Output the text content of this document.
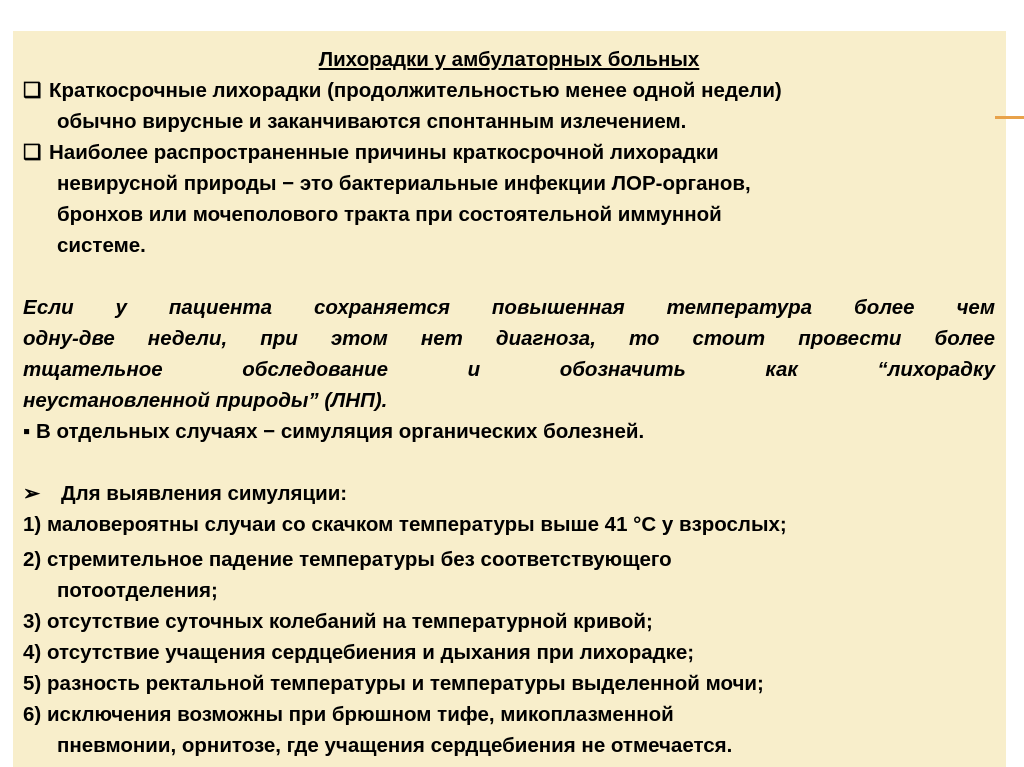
Лихорадки у амбулаторных больных
❑ Краткосрочные лихорадки (продолжительностью менее одной недели)
обычно вирусные и заканчиваются спонтанным излечением.
❑ Наиболее распространенные причины краткосрочной лихорадки
невирусной природы − это бактериальные инфекции ЛОР-органов,
бронхов или мочеполового тракта при состоятельной иммунной
системе.
Если у пациента сохраняется повышенная температура более чем
одну-две недели, при этом нет диагноза, то стоит провести более
тщательное обследование и обозначить как “лихорадку
неустановленной природы” (ЛНП).
▪ В отдельных случаях − симуляция органических болезней.
➢ Для выявления симуляции:
1) маловероятны случаи со скачком температуры выше 41 °С у взрослых;
2) стремительное падение температуры без соответствующего
потоотделения;
3) отсутствие суточных колебаний на температурной кривой;
4) отсутствие учащения сердцебиения и дыхания при лихорадке;
5) разность ректальной температуры и температуры выделенной мочи;
6) исключения возможны при брюшном тифе, микоплазменной
пневмонии, орнитозе, где учащения сердцебиения не отмечается.
